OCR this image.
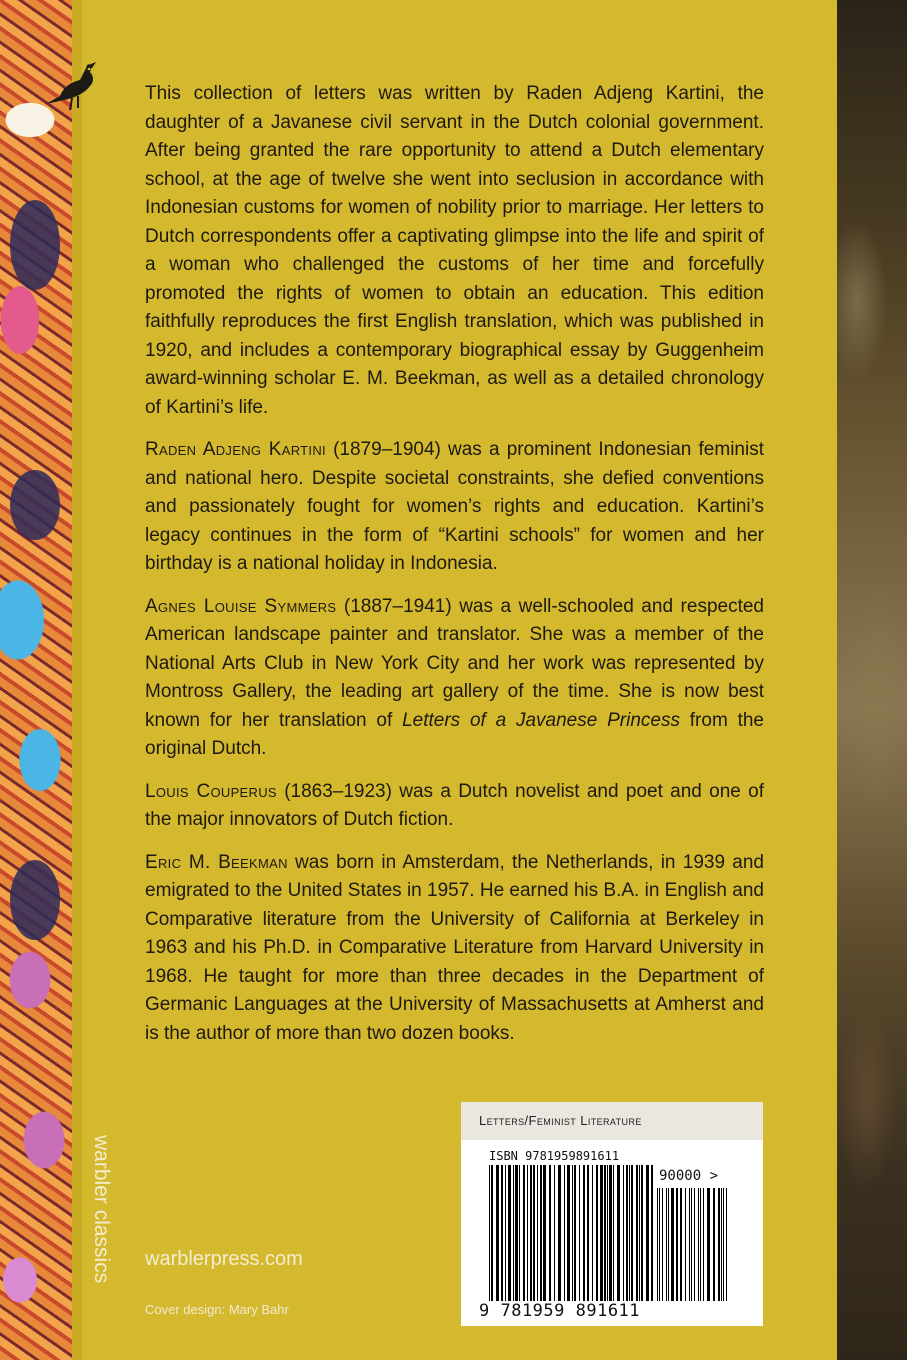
This collection of letters was written by Raden Adjeng Kartini, the daughter of a Javanese civil servant in the Dutch colonial government. After being granted the rare opportunity to attend a Dutch elementary school, at the age of twelve she went into seclusion in accordance with Indonesian customs for women of nobility prior to marriage. Her letters to Dutch correspondents offer a captivating glimpse into the life and spirit of a woman who challenged the customs of her time and forcefully promoted the rights of women to obtain an education. This edition faithfully reproduces the first English translation, which was published in 1920, and includes a contemporary biographical essay by Guggenheim award-winning scholar E. M. Beekman, as well as a detailed chronology of Kartini’s life.

Raden Adjeng Kartini (1879–1904) was a prominent Indonesian feminist and national hero. Despite societal constraints, she defied conventions and passionately fought for women’s rights and education. Kartini’s legacy continues in the form of “Kartini schools” for women and her birthday is a national holiday in Indonesia.

Agnes Louise Symmers (1887–1941) was a well-schooled and respected American landscape painter and translator. She was a member of the National Arts Club in New York City and her work was represented by Montross Gallery, the leading art gallery of the time. She is now best known for her translation of Letters of a Javanese Princess from the original Dutch.

Louis Couperus (1863–1923) was a Dutch novelist and poet and one of the major innovators of Dutch fiction.

Eric M. Beekman was born in Amsterdam, the Netherlands, in 1939 and emigrated to the United States in 1957. He earned his B.A. in English and Comparative literature from the University of California at Berkeley in 1963 and his Ph.D. in Comparative Literature from Harvard University in 1968. He taught for more than three decades in the Department of Germanic Languages at the University of Massachusetts at Amherst and is the author of more than two dozen books.

warbler classics warblerpress.com
Cover design: Mary Bahr
Letters/Feminist Literature
ISBN 9781959891611
90000 >
9 781959 891611
